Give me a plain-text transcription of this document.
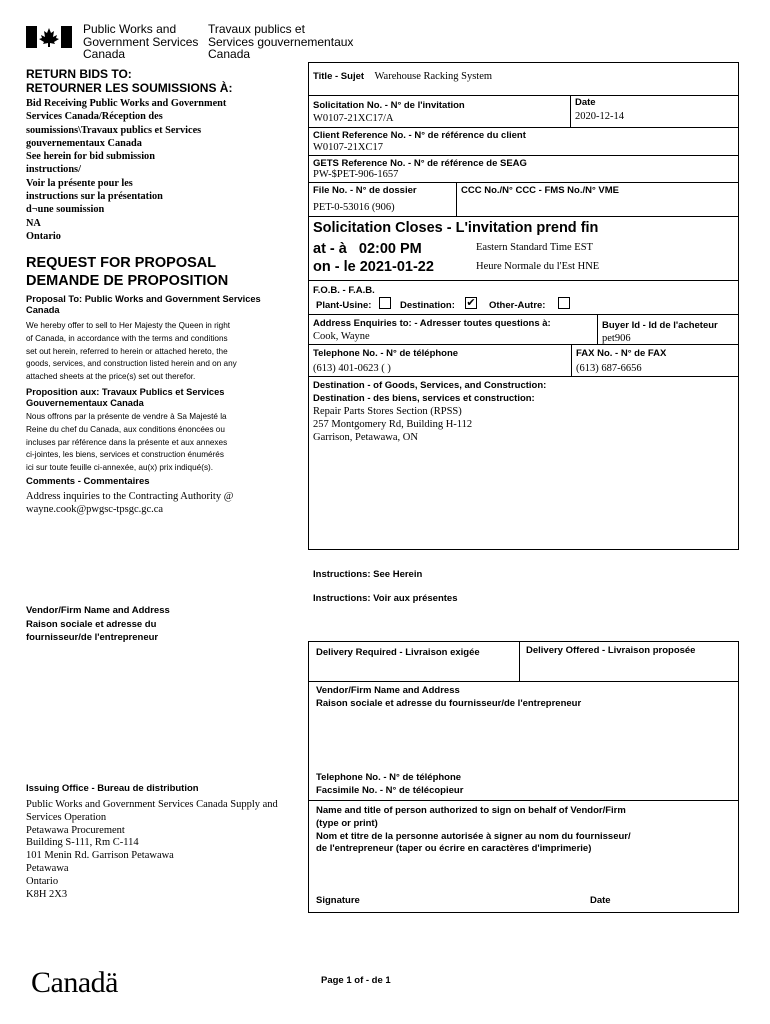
Public Works and
Government Services
Canada
Travaux publics et
Services gouvernementaux
Canada
RETURN BIDS TO:
RETOURNER LES SOUMISSIONS À:
Bid Receiving Public Works and Government
Services Canada/Réception des
soumissions\Travaux publics et Services
gouvernementaux Canada
See herein for bid submission
instructions/
Voir la présente pour les
instructions sur la présentation
d¬une soumission
NA
Ontario
REQUEST FOR PROPOSAL
DEMANDE DE PROPOSITION
Proposal To: Public Works and Government Services Canada
We hereby offer to sell to Her Majesty the Queen in right
of Canada, in accordance with the terms and conditions
set out herein, referred to herein or attached hereto, the
goods, services, and construction listed herein and on any
attached sheets at the price(s) set out therefor.
Proposition aux: Travaux Publics et Services Gouvernementaux Canada
Nous offrons par la présente de vendre à Sa Majesté la
Reine du chef du Canada, aux conditions énoncées ou
incluses par référence dans la présente et aux annexes
ci-jointes, les biens, services et construction énumérés
ici sur toute feuille ci-annexée, au(x) prix indiqué(s).
Comments - Commentaires
Address inquiries to the Contracting Authority @
wayne.cook@pwgsc-tpsgc.gc.ca
Vendor/Firm Name and Address
Raison sociale et adresse du
fournisseur/de l'entrepreneur
Issuing Office - Bureau de distribution
Public Works and Government Services Canada Supply and
Services Operation
Petawawa Procurement
Building S-111, Rm C-114
101 Menin Rd. Garrison Petawawa
Petawawa
Ontario
K8H 2X3
Title - Sujet Warehouse Racking System
Solicitation No. - N° de l'invitation
W0107-21XC17/A
Date
2020-12-14
Client Reference No. - N° de référence du client
W0107-21XC17
GETS Reference No. - N° de référence de SEAG
PW-$PET-906-1657
File No. - N° de dossier
PET-0-53016 (906)
CCC No./N° CCC - FMS No./N° VME
Solicitation Closes - L'invitation prend fin
at - à 02:00 PM
on - le 2021-01-22
Eastern Standard Time EST
Heure Normale du l'Est HNE
F.O.B. - F.A.B.
Plant-Usine:	Destination: ✔ Other-Autre:
Address Enquiries to: - Adresser toutes questions à:
Cook, Wayne
Buyer Id - Id de l'acheteur
pet906
Telephone No. - N° de téléphone
(613) 401-0623 ( )
FAX No. - N° de FAX
(613) 687-6656
Destination - of Goods, Services, and Construction:
Destination - des biens, services et construction:
Repair Parts Stores Section (RPSS)
257 Montgomery Rd, Building H-112
Garrison, Petawawa, ON
Instructions: See Herein
Instructions: Voir aux présentes
Delivery Required - Livraison exigée	Delivery Offered - Livraison proposée
Vendor/Firm Name and Address
Raison sociale et adresse du fournisseur/de l'entrepreneur
Telephone No. - N° de téléphone
Facsimile No. - N° de télécopieur
Name and title of person authorized to sign on behalf of Vendor/Firm
(type or print)
Nom et titre de la personne autorisée à signer au nom du fournisseur/
de l'entrepreneur (taper ou écrire en caractères d'imprimerie)
Signature	Date
Canadä	Page 1 of - de 1
